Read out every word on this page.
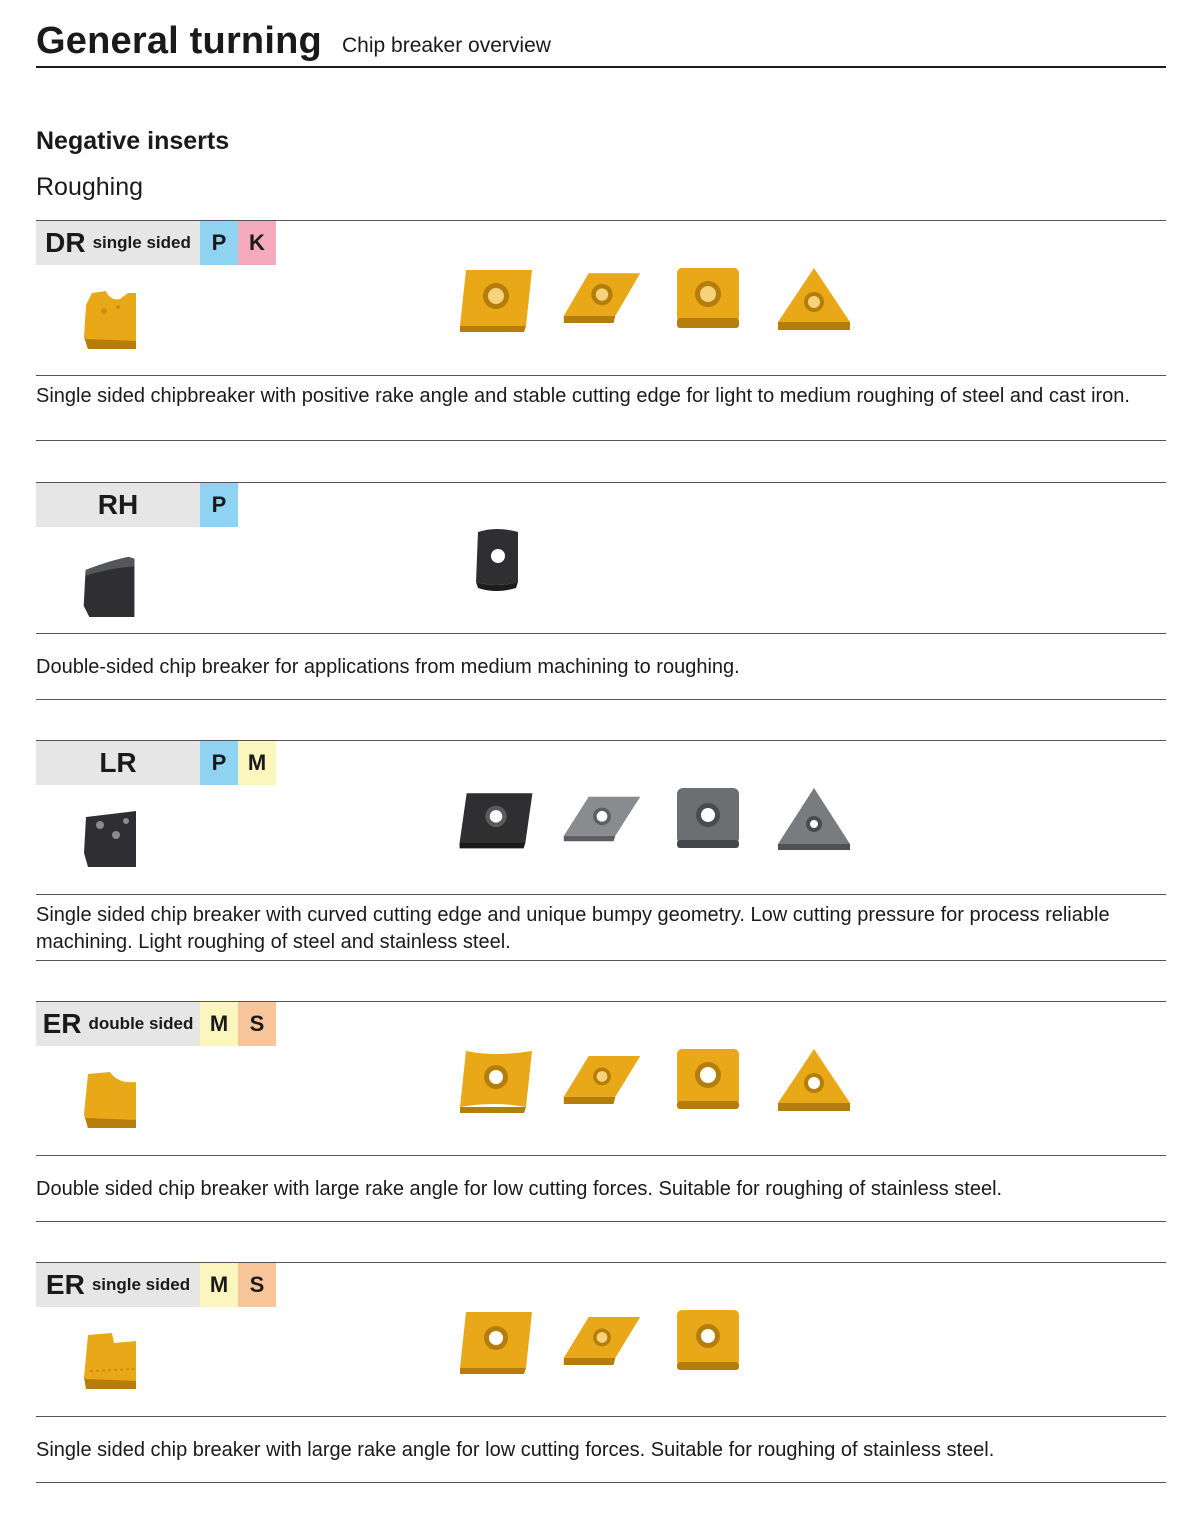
General turning Chip breaker overview
Negative inserts
Roughing
DR single sided P	K
Single sided chipbreaker with positive rake angle and stable cutting edge for light to medium roughing of steel and cast iron.
RH	P
Double-sided chip breaker for applications from medium machining to roughing.
LR	P M
Single sided chip breaker with curved cutting edge and unique bumpy geometry. Low cutting pressure for process reliable machining. Light roughing of steel and stainless steel.
ER double sided M S
Double sided chip breaker with large rake angle for low cutting forces. Suitable for roughing of stainless steel.
ER single sided M S
Single sided chip breaker with large rake angle for low cutting forces. Suitable for roughing of stainless steel.
